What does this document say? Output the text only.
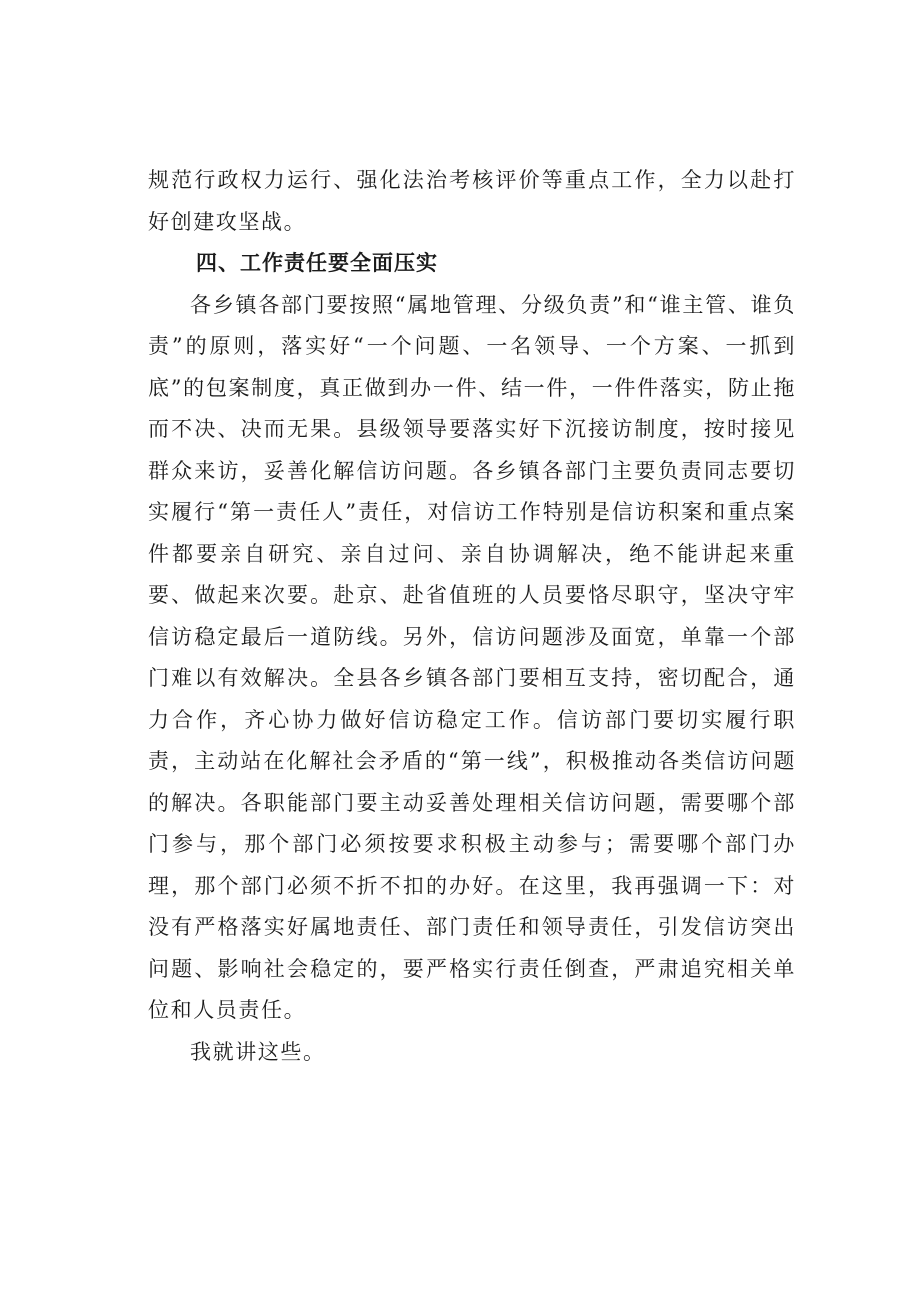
规范行政权力运行、强化法治考核评价等重点工作，全力以赴打好创建攻坚战。

四、工作责任要全面压实

各乡镇各部门要按照“属地管理、分级负责”和“谁主管、谁负责”的原则，落实好“一个问题、一名领导、一个方案、一抓到底”的包案制度，真正做到办一件、结一件，一件件落实，防止拖而不决、决而无果。县级领导要落实好下沉接访制度，按时接见群众来访，妥善化解信访问题。各乡镇各部门主要负责同志要切实履行“第一责任人”责任，对信访工作特别是信访积案和重点案件都要亲自研究、亲自过问、亲自协调解决，绝不能讲起来重要、做起来次要。赴京、赴省值班的人员要恪尽职守，坚决守牢信访稳定最后一道防线。另外，信访问题涉及面宽，单靠一个部门难以有效解决。全县各乡镇各部门要相互支持，密切配合，通力合作，齐心协力做好信访稳定工作。信访部门要切实履行职责，主动站在化解社会矛盾的“第一线”，积极推动各类信访问题的解决。各职能部门要主动妥善处理相关信访问题，需要哪个部门参与，那个部门必须按要求积极主动参与；需要哪个部门办理，那个部门必须不折不扣的办好。在这里，我再强调一下：对没有严格落实好属地责任、部门责任和领导责任，引发信访突出问题、影响社会稳定的，要严格实行责任倒查，严肃追究相关单位和人员责任。

我就讲这些。
